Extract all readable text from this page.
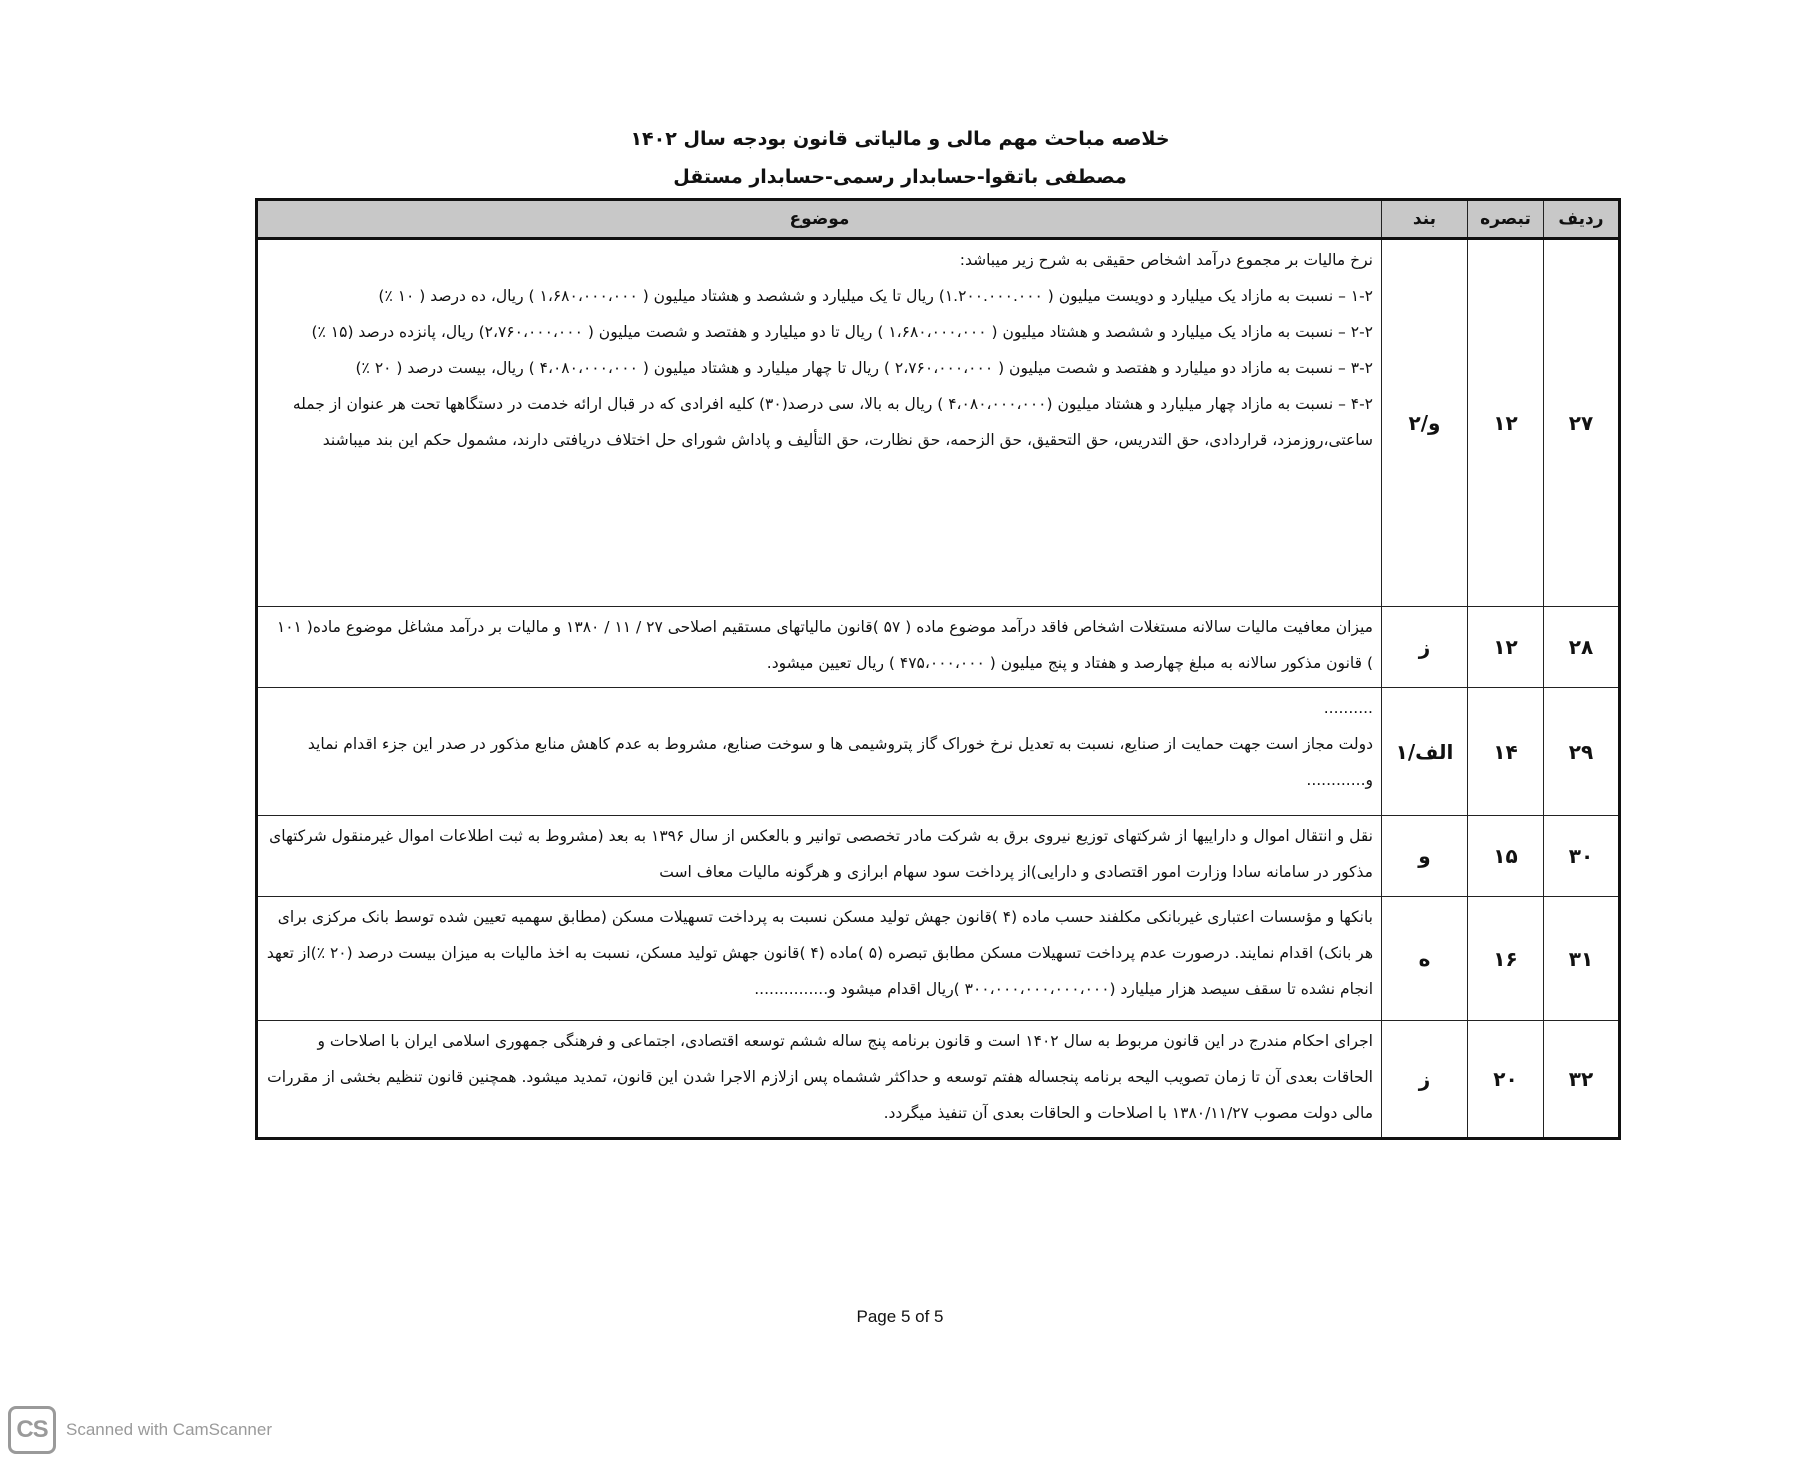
خلاصه مباحث مهم مالی و مالیاتی قانون بودجه سال ۱۴۰۲
مصطفی باتقوا-حسابدار رسمی-حسابدار مستقل
ردیف	تبصره	بند	موضوع
۲۷	۱۲	و/۲	نرخ مالیات بر مجموع درآمد اشخاص حقیقی به شرح زیر میباشد:

۱-۲ – نسبت به مازاد یک میلیارد و دویست میلیون ( ۱.۲۰۰.۰۰۰.۰۰۰) ریال تا یک میلیارد و ششصد و هشتاد میلیون ( ۱،۶۸۰،۰۰۰،۰۰۰ ) ریال، ده درصد ( ۱۰ ٪)

۲-۲ – نسبت به مازاد یک میلیارد و ششصد و هشتاد میلیون ( ۱،۶۸۰،۰۰۰،۰۰۰ ) ریال تا دو میلیارد و هفتصد و شصت میلیون ( ۲،۷۶۰،۰۰۰،۰۰۰) ریال، پانزده درصد (۱۵ ٪)

۳-۲ – نسبت به مازاد دو میلیارد و هفتصد و شصت میلیون ( ۲،۷۶۰،۰۰۰،۰۰۰ ) ریال تا چهار میلیارد و هشتاد میلیون ( ۴،۰۸۰،۰۰۰،۰۰۰ ) ریال، بیست درصد ( ۲۰ ٪)

۴-۲ – نسبت به مازاد چهار میلیارد و هشتاد میلیون (۴،۰۸۰،۰۰۰،۰۰۰ ) ریال به بالا، سی درصد(۳۰) کلیه افرادی که در قبال ارائه خدمت در دستگاهها تحت هر عنوان از جمله ساعتی،روزمزد، قراردادی، حق التدریس، حق التحقیق، حق الزحمه، حق نظارت، حق التألیف و پاداش شورای حل اختلاف دریافتی دارند، مشمول حکم این بند میباشند

۲۸	۱۲	ز	میزان معافیت مالیات سالانه مستغلات اشخاص فاقد درآمد موضوع ماده ( ۵۷ )قانون مالیاتهای مستقیم اصلاحی ۲۷ / ۱۱ / ۱۳۸۰ و مالیات بر درآمد مشاغل موضوع ماده( ۱۰۱ ) قانون مذکور سالانه به مبلغ چهارصد و هفتاد و پنج میلیون ( ۴۷۵،۰۰۰،۰۰۰ ) ریال تعیین میشود.

۲۹	۱۴	الف/۱	..........

دولت مجاز است جهت حمایت از صنایع، نسبت به تعدیل نرخ خوراک گاز پتروشیمی ها و سوخت صنایع، مشروط به عدم کاهش منابع مذکور در صدر این جزء اقدام نماید و............

۳۰	۱۵	و	نقل و انتقال اموال و داراییها از شرکتهای توزیع نیروی برق به شرکت مادر تخصصی توانیر و بالعکس از سال ۱۳۹۶ به بعد (مشروط به ثبت اطلاعات اموال غیرمنقول شرکتهای مذکور در سامانه سادا وزارت امور اقتصادی و دارایی)از پرداخت سود سهام ابرازی و هرگونه مالیات معاف است

۳۱	۱۶	ه	بانکها و مؤسسات اعتباری غیربانکی مکلفند حسب ماده (۴ )قانون جهش تولید مسکن نسبت به پرداخت تسهیلات مسکن (مطابق سهمیه تعیین شده توسط بانک مرکزی برای هر بانک) اقدام نمایند. درصورت عدم پرداخت تسهیلات مسکن مطابق تبصره (۵ )ماده (۴ )قانون جهش تولید مسکن، نسبت به اخذ مالیات به میزان بیست درصد (۲۰ ٪)از تعهد انجام نشده تا سقف سیصد هزار میلیارد (۳۰۰،۰۰۰،۰۰۰،۰۰۰،۰۰۰ )ریال اقدام میشود و...............

۳۲	۲۰	ز	اجرای احکام مندرج در این قانون مربوط به سال ۱۴۰۲ است و قانون برنامه پنج ساله ششم توسعه اقتصادی، اجتماعی و فرهنگی جمهوری اسلامی ایران با اصلاحات و الحاقات بعدی آن تا زمان تصویب الیحه برنامه پنجساله هفتم توسعه و حداکثر ششماه پس ازلازم الاجرا شدن این قانون، تمدید میشود. همچنین قانون تنظیم بخشی از مقررات مالی دولت مصوب ۱۳۸۰/۱۱/۲۷ با اصلاحات و الحاقات بعدی آن تنفیذ میگردد.

Page 5 of 5
CS	Scanned with CamScanner
